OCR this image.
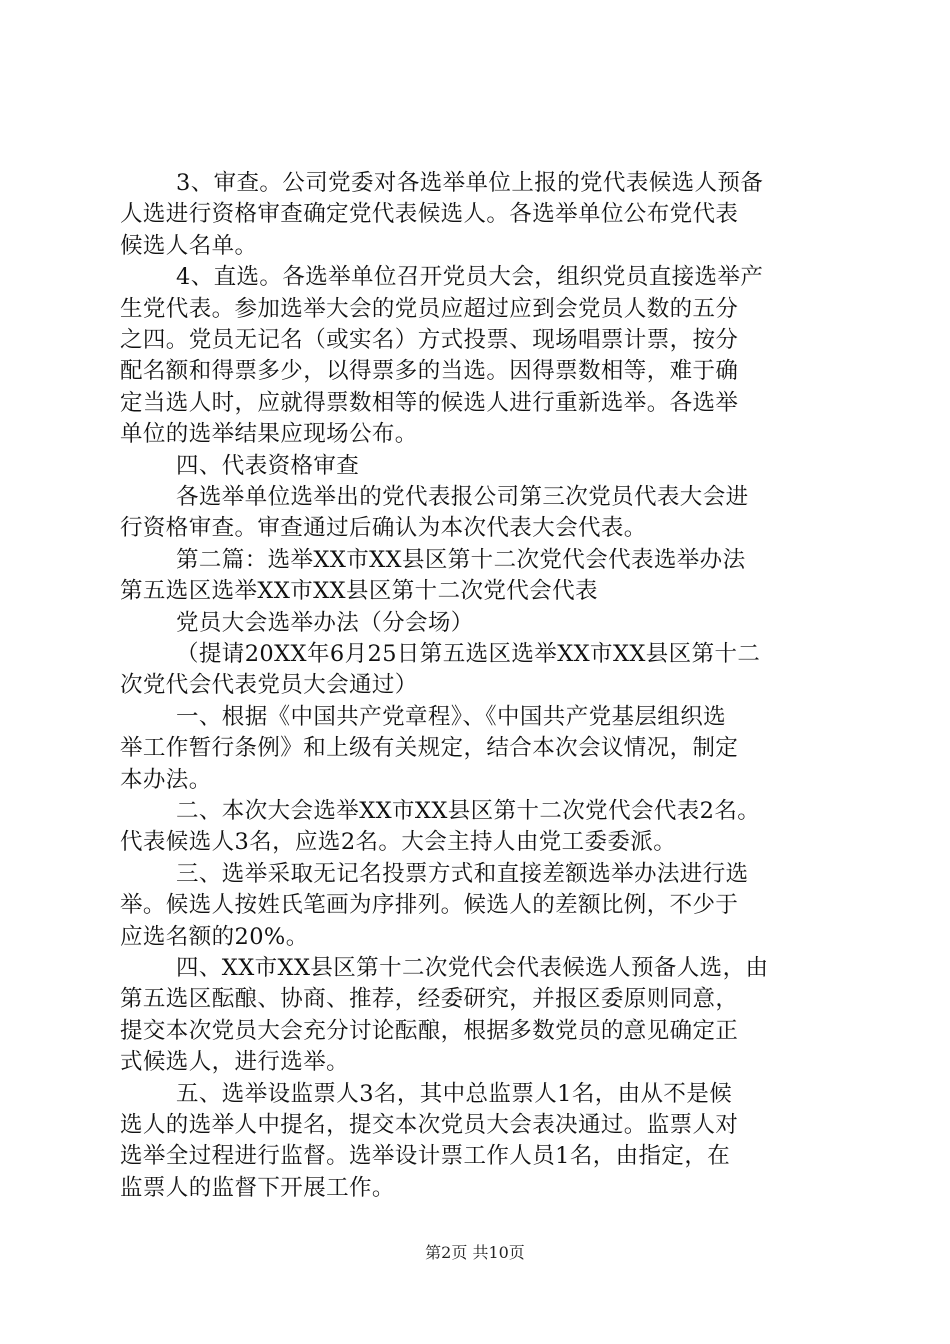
3、审查。公司党委对各选举单位上报的党代表候选人预备
人选进行资格审查确定党代表候选人。各选举单位公布党代表
候选人名单。
4、直选。各选举单位召开党员大会，组织党员直接选举产
生党代表。参加选举大会的党员应超过应到会党员人数的五分
之四。党员无记名（或实名）方式投票、现场唱票计票，按分
配名额和得票多少，以得票多的当选。因得票数相等，难于确
定当选人时，应就得票数相等的候选人进行重新选举。各选举
单位的选举结果应现场公布。
四、代表资格审查
各选举单位选举出的党代表报公司第三次党员代表大会进
行资格审查。审查通过后确认为本次代表大会代表。
第二篇：选举XX市XX县区第十二次党代会代表选举办法
第五选区选举XX市XX县区第十二次党代会代表
党员大会选举办法（分会场）
（提请20XX年6月25日第五选区选举XX市XX县区第十二
次党代会代表党员大会通过）
一、根据《中国共产党章程》、《中国共产党基层组织选
举工作暂行条例》和上级有关规定，结合本次会议情况，制定
本办法。
二、本次大会选举XX市XX县区第十二次党代会代表2名。
代表候选人3名，应选2名。大会主持人由党工委委派。
三、选举采取无记名投票方式和直接差额选举办法进行选
举。候选人按姓氏笔画为序排列。候选人的差额比例，不少于
应选名额的20%。
四、XX市XX县区第十二次党代会代表候选人预备人选，由
第五选区酝酿、协商、推荐，经委研究，并报区委原则同意，
提交本次党员大会充分讨论酝酿，根据多数党员的意见确定正
式候选人，进行选举。
五、选举设监票人3名，其中总监票人1名，由从不是候
选人的选举人中提名，提交本次党员大会表决通过。监票人对
选举全过程进行监督。选举设计票工作人员1名，由指定，在
监票人的监督下开展工作。
第2页 共10页
